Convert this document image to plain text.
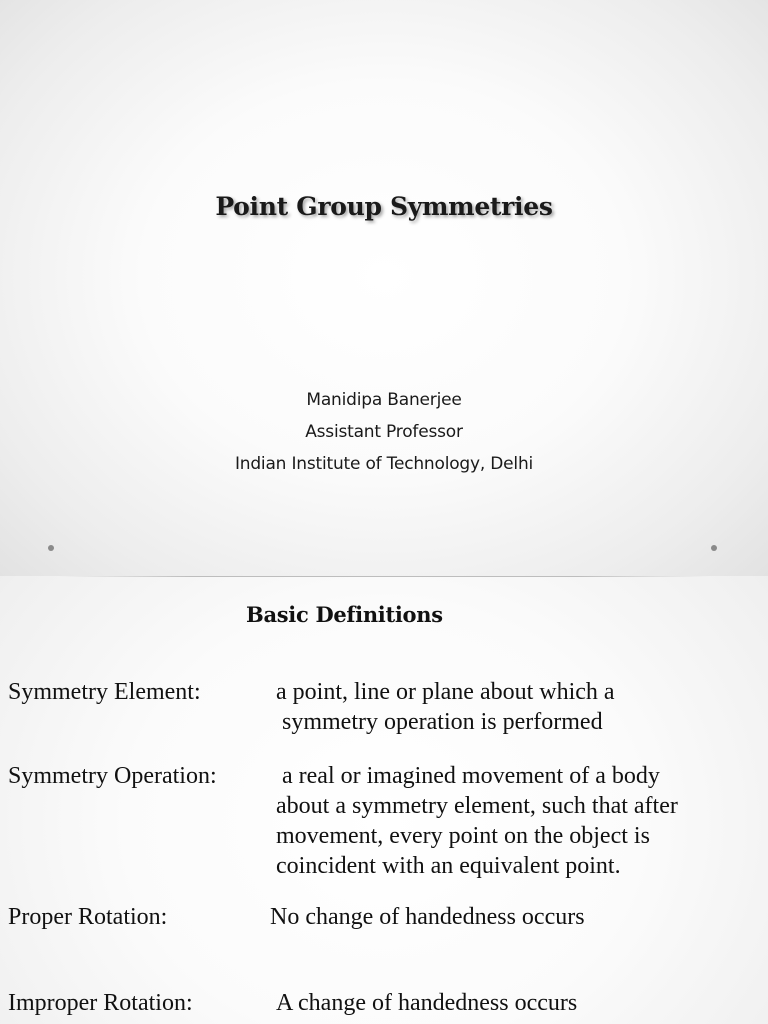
Point Group Symmetries
Manidipa Banerjee
Assistant Professor
Indian Institute of Technology, Delhi
Basic Definitions
Symmetry Element:	a point, line or plane about which a
symmetry operation is performed
Symmetry Operation: a real or imagined movement of a body
about a symmetry element, such that after
movement, every point on the object is
coincident with an equivalent point.
Proper Rotation:	No change of handedness occurs
Improper Rotation:	A change of handedness occurs
